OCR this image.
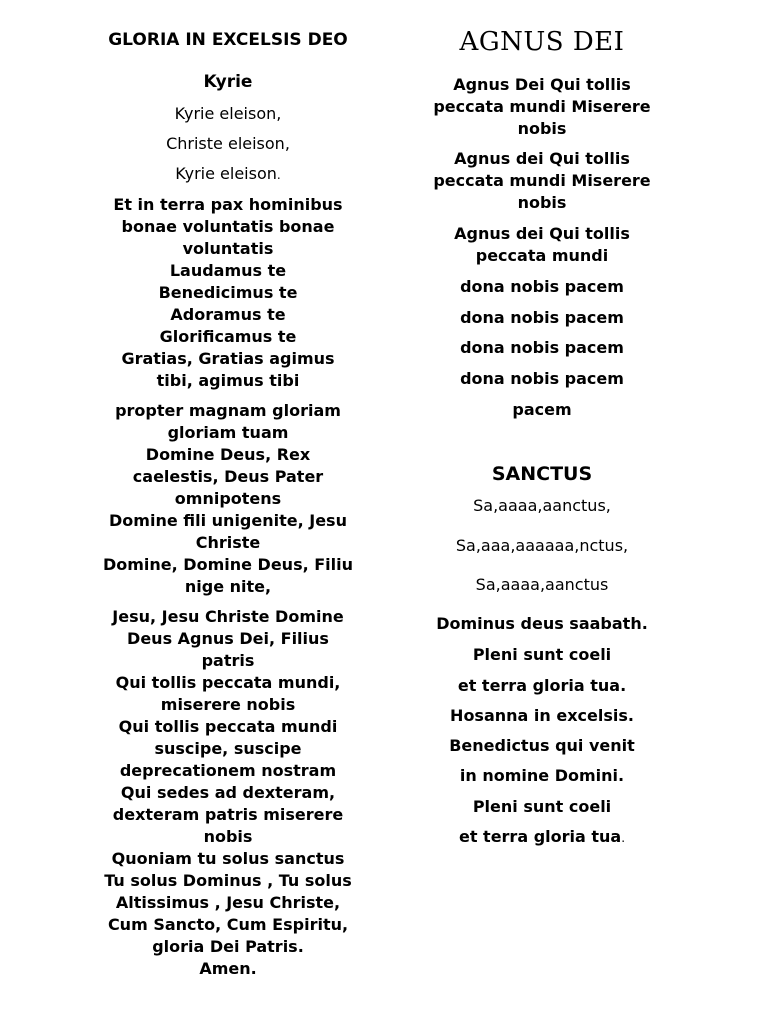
GLORIA IN EXCELSIS DEO
Kyrie
Kyrie eleison,
Christe eleison,
Kyrie eleison.
Et in terra pax hominibus
bonae voluntatis bonae
voluntatis
Laudamus te
Benedicimus te
Adoramus te
Glorificamus te
Gratias, Gratias agimus
tibi, agimus tibi
propter magnam gloriam
gloriam tuam
Domine Deus, Rex
caelestis, Deus Pater
omnipotens
Domine fili unigenite, Jesu
Christe
Domine, Domine Deus, Filiu
nige nite,
Jesu, Jesu Christe Domine
Deus Agnus Dei, Filius
patris
Qui tollis peccata mundi,
miserere nobis
Qui tollis peccata mundi
suscipe, suscipe
deprecationem nostram
Qui sedes ad dexteram,
dexteram patris miserere
nobis
Quoniam tu solus sanctus
Tu solus Dominus , Tu solus
Altissimus , Jesu Christe,
Cum Sancto, Cum Espiritu,
gloria Dei Patris.
Amen.
AGNUS DEI
Agnus Dei Qui tollis
peccata mundi Miserere
nobis
Agnus dei Qui tollis
peccata mundi Miserere
nobis
Agnus dei Qui tollis
peccata mundi
dona nobis pacem
dona nobis pacem
dona nobis pacem
dona nobis pacem
pacem
SANCTUS
Sa,aaaa,aanctus,
Sa,aaa,aaaaaa,nctus,
Sa,aaaa,aanctus
Dominus deus saabath.
Pleni sunt coeli
et terra gloria tua.
Hosanna in excelsis.
Benedictus qui venit
in nomine Domini.
Pleni sunt coeli
et terra gloria tua.
